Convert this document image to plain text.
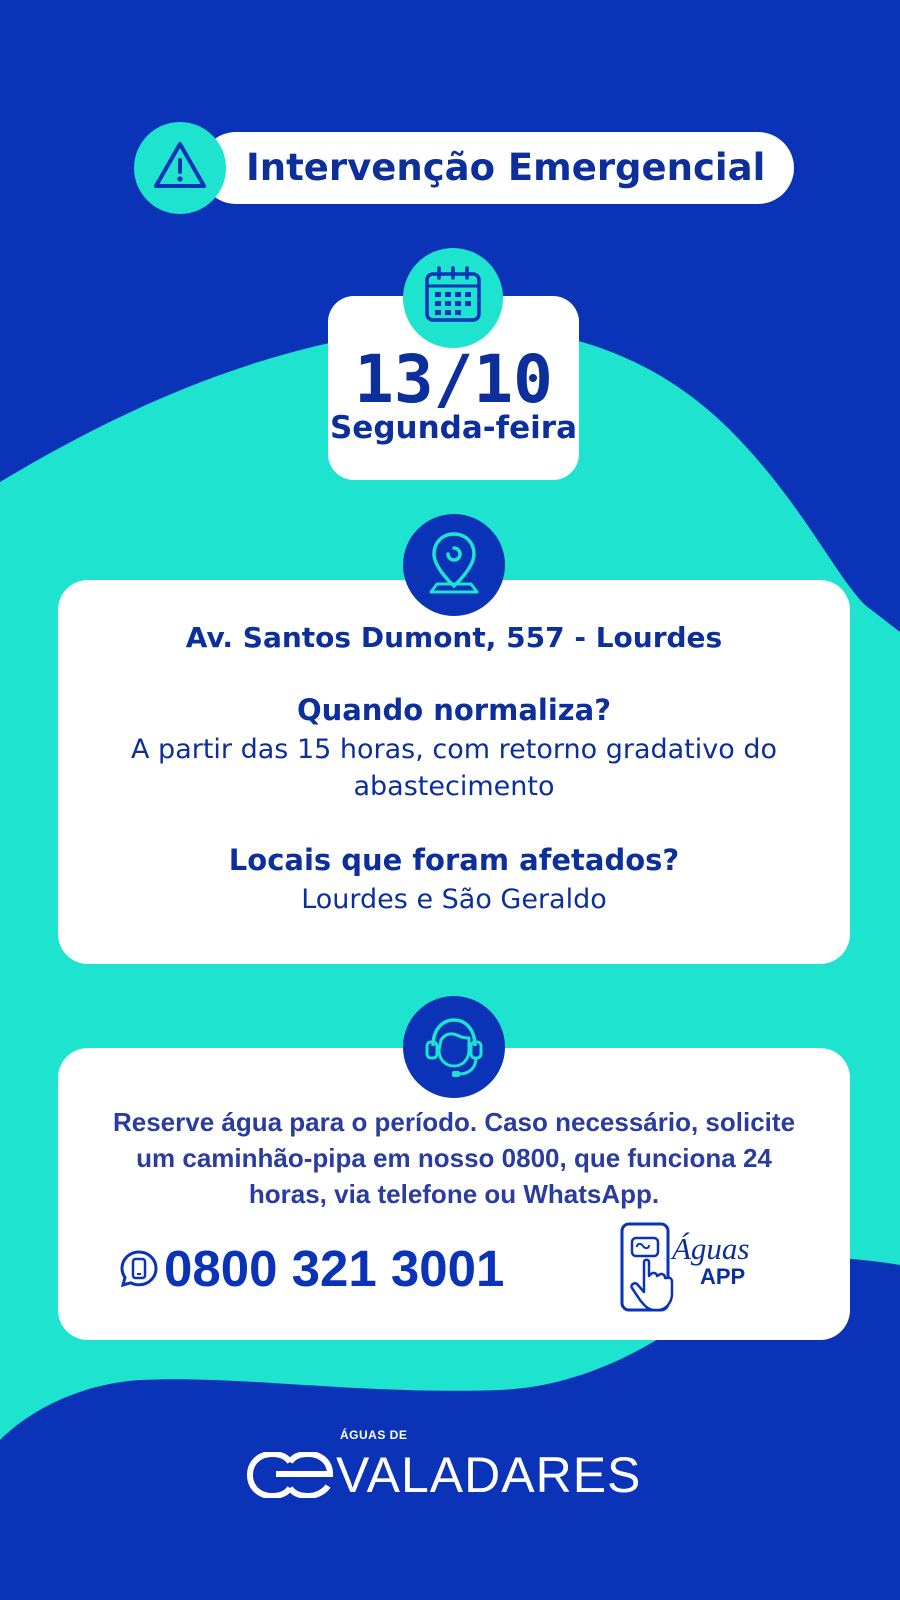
Intervenção Emergencial
13/10
Segunda-feira
Av. Santos Dumont, 557 - Lourdes
Quando normaliza?
A partir das 15 horas, com retorno gradativo do abastecimento
Locais que foram afetados?
Lourdes e São Geraldo
Reserve água para o período. Caso necessário, solicite um caminhão-pipa em nosso 0800, que funciona 24 horas, via telefone ou WhatsApp.
0800 321 3001	Águas
APP
ÁGUAS DE
VALADARES
